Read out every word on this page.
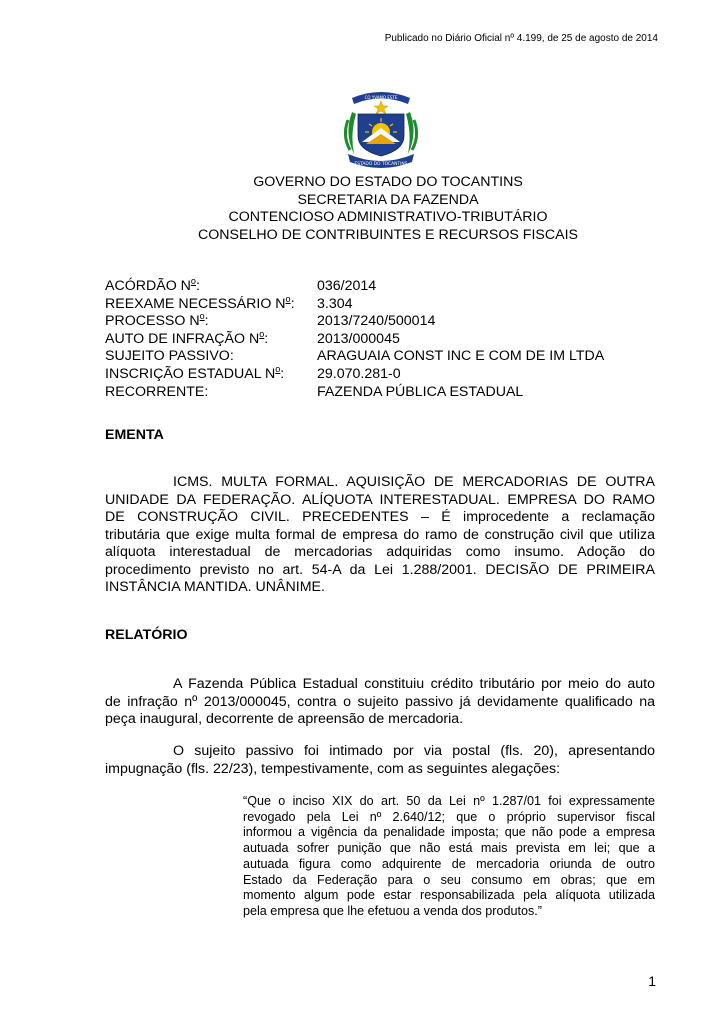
Publicado no Diário Oficial nº 4.199, de 25 de agosto de 2014
CO YVAMO ESTE
ESTADO DO TOCANTINS
1°/1	1989
GOVERNO DO ESTADO DO TOCANTINS
SECRETARIA DA FAZENDA
CONTENCIOSO ADMINISTRATIVO-TRIBUTÁRIO
CONSELHO DE CONTRIBUINTES E RECURSOS FISCAIS
ACÓRDÃO $N^o$:	036/2014
REEXAME NECESSÁRIO $N^o$:	3.304
PROCESSO $N^o$:	2013/7240/500014
AUTO DE INFRAÇÃO $N^o$:	2013/000045
SUJEITO PASSIVO:	ARAGUAIA CONST INC E COM DE IM LTDA
INSCRIÇÃO ESTADUAL $N^o$:	29.070.281-0
RECORRENTE:	FAZENDA PÚBLICA ESTADUAL
EMENTA
ICMS. MULTA FORMAL. AQUISIÇÃO DE MERCADORIAS DE OUTRA
UNIDADE DA FEDERAÇÃO. ALÍQUOTA INTERESTADUAL. EMPRESA DO RAMO
DE CONSTRUÇÃO CIVIL. PRECEDENTES – É improcedente a reclamação
tributária que exige multa formal de empresa do ramo de construção civil que utiliza
alíquota interestadual de mercadorias adquiridas como insumo. Adoção do
procedimento previsto no art. 54-A da Lei 1.288/2001. DECISÃO DE PRIMEIRA
INSTÂNCIA MANTIDA. UNÂNIME.
RELATÓRIO
A Fazenda Pública Estadual constituiu crédito tributário por meio do auto
de infração nº 2013/000045, contra o sujeito passivo já devidamente qualificado na
peça inaugural, decorrente de apreensão de mercadoria.
O sujeito passivo foi intimado por via postal (fls. 20), apresentando
impugnação (fls. 22/23), tempestivamente, com as seguintes alegações:
“Que o inciso XIX do art. 50 da Lei nº 1.287/01 foi expressamente
revogado pela Lei nº 2.640/12; que o próprio supervisor fiscal
informou a vigência da penalidade imposta; que não pode a empresa
autuada sofrer punição que não está mais prevista em lei; que a
autuada figura como adquirente de mercadoria oriunda de outro
Estado da Federação para o seu consumo em obras; que em
momento algum pode estar responsabilizada pela alíquota utilizada
pela empresa que lhe efetuou a venda dos produtos.”
1
